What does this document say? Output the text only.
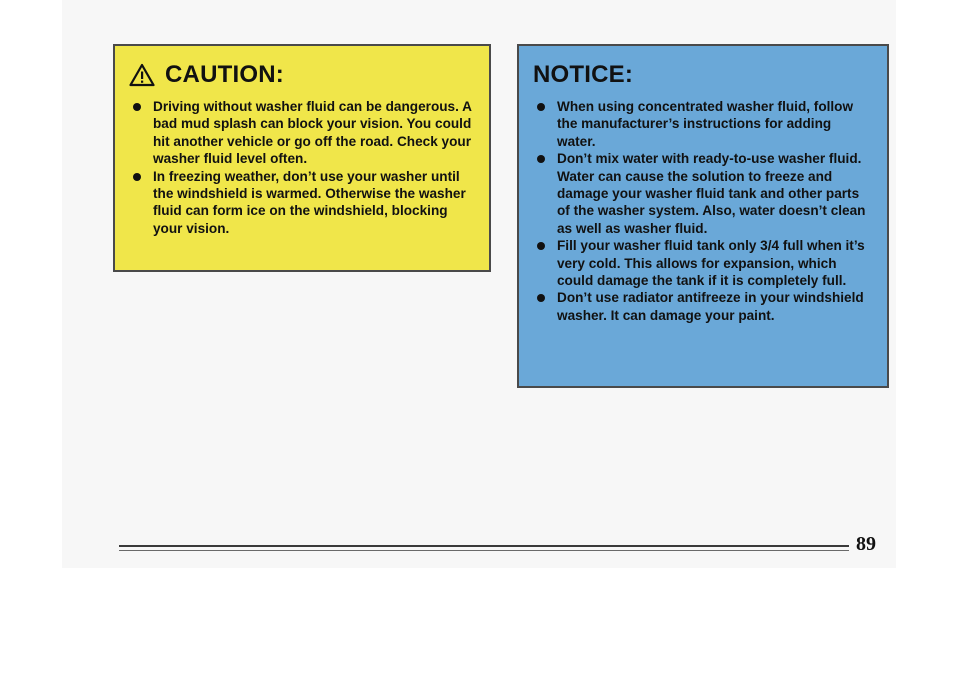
CAUTION:
Driving without washer fluid can be dangerous. A bad mud splash can block your vision. You could hit another vehicle or go off the road. Check your washer fluid level often.
In freezing weather, don’t use your washer until the windshield is warmed. Otherwise the washer fluid can form ice on the windshield, blocking your vision.
NOTICE:
When using concentrated washer fluid, follow the manufacturer’s instructions for adding water.
Don’t mix water with ready-to-use washer fluid. Water can cause the solution to freeze and damage your washer fluid tank and other parts of the washer system. Also, water doesn’t clean as well as washer fluid.
Fill your washer fluid tank only 3/4 full when it’s very cold. This allows for expansion, which could damage the tank if it is completely full.
Don’t use radiator antifreeze in your windshield washer. It can damage your paint.
89
